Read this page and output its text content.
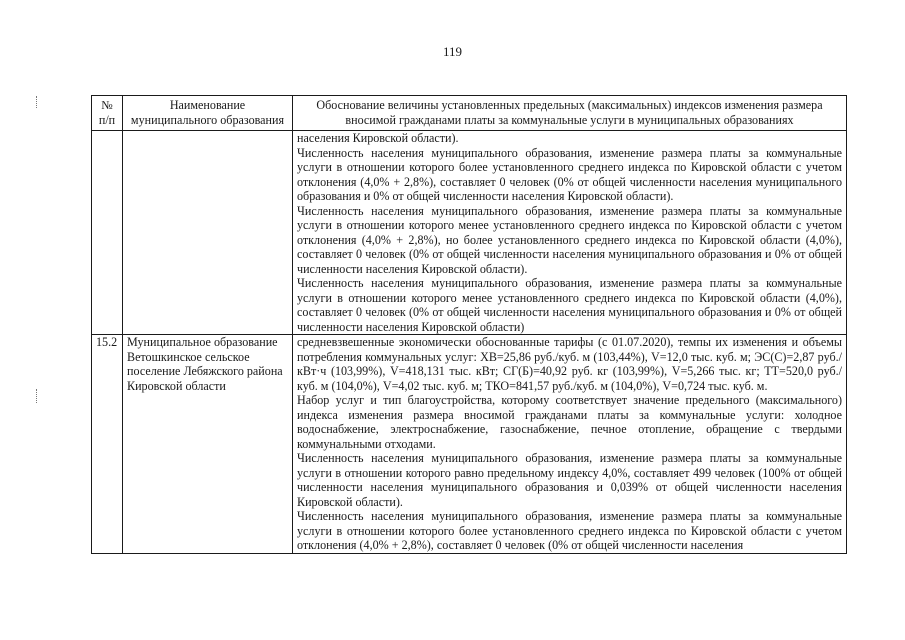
119
№ п/п	Наименование муниципального образования	Обоснование величины установленных предельных (максимальных) индексов изменения размера вносимой гражданами платы за коммунальные услуги в муниципальных образованиях

		населения Кировской области).
Численность населения муниципального образования, изменение размера платы за коммунальные услуги в отношении которого более установленного среднего индекса по Кировской области с учетом отклонения (4,0% + 2,8%), составляет 0 человек (0% от общей численности населения муниципального образования и 0% от общей численности населения Кировской области).
Численность населения муниципального образования, изменение размера платы за коммунальные услуги в отношении которого менее установленного среднего индекса по Кировской области с учетом отклонения (4,0% + 2,8%), но более установленного среднего индекса по Кировской области (4,0%), составляет 0 человек (0% от общей численности населения муниципального образования и 0% от общей численности населения Кировской области).
Численность населения муниципального образования, изменение размера платы за коммунальные услуги в отношении которого менее установленного среднего индекса по Кировской области (4,0%), составляет 0 человек (0% от общей численности населения муниципального образования и 0% от общей численности населения Кировской области)

15.2	Муниципальное образование Ветошкинское сельское поселение Лебяжского района Кировской области	средневзвешенные экономически обоснованные тарифы (с 01.07.2020), темпы их изменения и объемы потребления коммунальных услуг: ХВ=25,86 руб./куб. м (103,44%), V=12,0 тыс. куб. м; ЭС(С)=2,87 руб./кВт·ч (103,99%), V=418,131 тыс. кВт; СГ(Б)=40,92 руб. кг (103,99%), V=5,266 тыс. кг; ТТ=520,0 руб./куб. м (104,0%), V=4,02 тыс. куб. м; ТКО=841,57 руб./куб. м (104,0%), V=0,724 тыс. куб. м.
Набор услуг и тип благоустройства, которому соответствует значение предельного (максимального) индекса изменения размера вносимой гражданами платы за коммунальные услуги: холодное водоснабжение, электроснабжение, газоснабжение, печное отопление, обращение с твердыми коммунальными отходами.
Численность населения муниципального образования, изменение размера платы за коммунальные услуги в отношении которого равно предельному индексу 4,0%, составляет 499 человек (100% от общей численности населения муниципального образования и 0,039% от общей численности населения Кировской области).
Численность населения муниципального образования, изменение размера платы за коммунальные услуги в отношении которого более установленного среднего индекса по Кировской области с учетом отклонения (4,0% + 2,8%), составляет 0 человек (0% от общей численности населения
